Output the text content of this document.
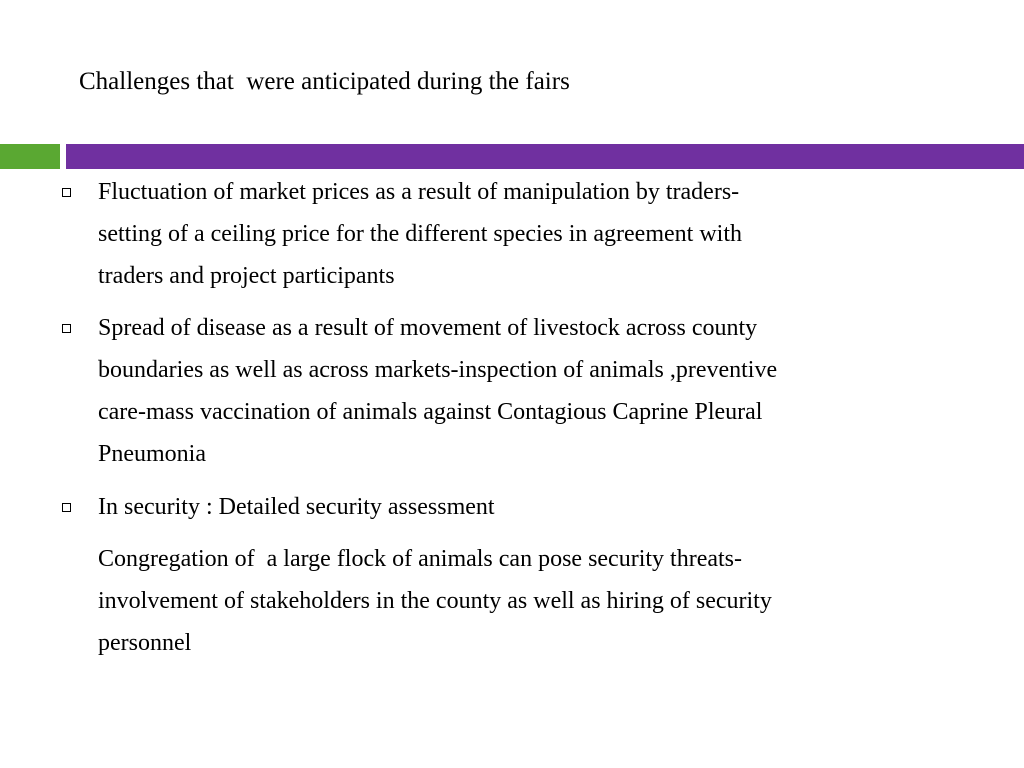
Challenges that  were anticipated during the fairs

Fluctuation of market prices as a result of manipulation by traders-

setting of a ceiling price for the different species in agreement with

traders and project participants

Spread of disease as a result of movement of livestock across county

boundaries as well as across markets-inspection of animals ,preventive

care-mass vaccination of animals against Contagious Caprine Pleural

Pneumonia

In security : Detailed security assessment

Congregation of  a large flock of animals can pose security threats-

involvement of stakeholders in the county as well as hiring of security

personnel
